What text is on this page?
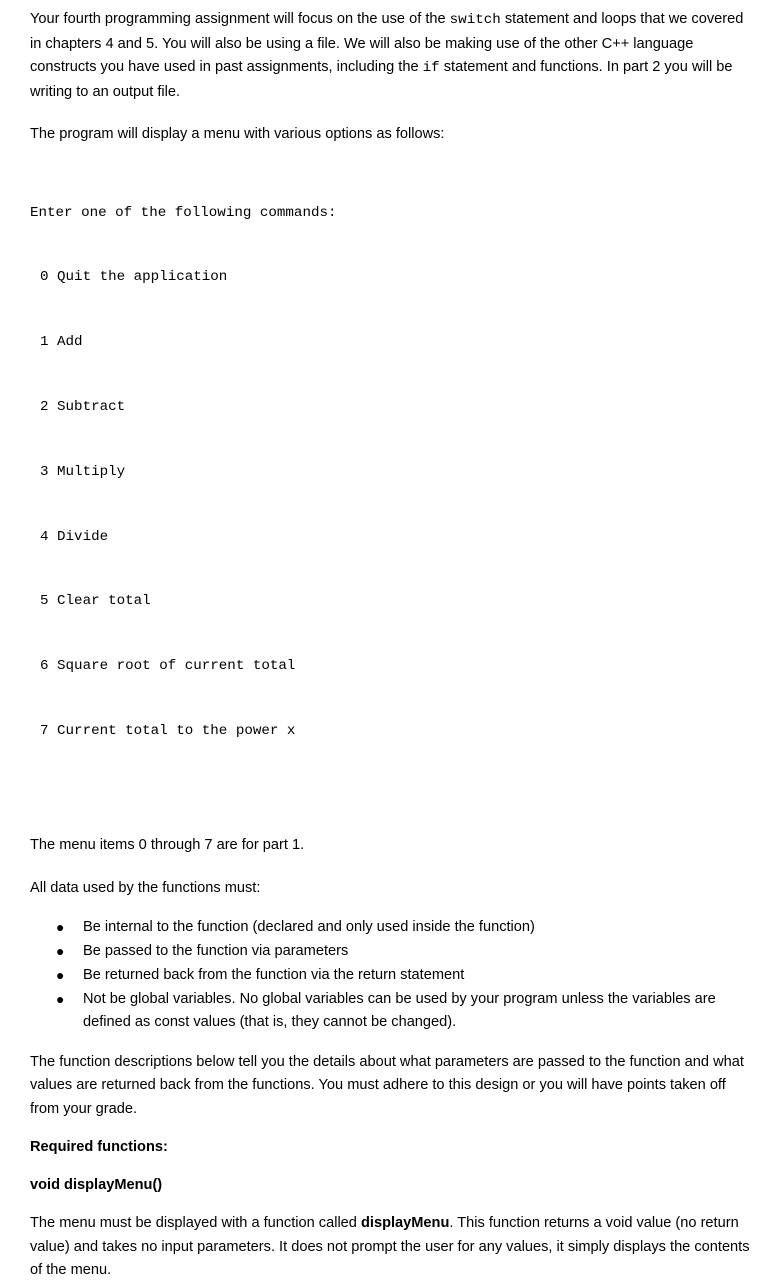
Your fourth programming assignment will focus on the use of the switch statement and loops that we covered in chapters 4 and 5. You will also be using a file. We will also be making use of the other C++ language constructs you have used in past assignments, including the if statement and functions. In part 2 you will be writing to an output file.

The program will display a menu with various options as follows:

Enter one of the following commands:

0 Quit the application

1 Add

2 Subtract

3 Multiply

4 Divide

5 Clear total

6 Square root of current total

7 Current total to the power x

The menu items 0 through 7 are for part 1.

All data used by the functions must:

● Be internal to the function (declared and only used inside the function)
● Be passed to the function via parameters
● Be returned back from the function via the return statement
● Not be global variables. No global variables can be used by your program unless the variables are defined as const values (that is, they cannot be changed).

The function descriptions below tell you the details about what parameters are passed to the function and what values are returned back from the functions. You must adhere to this design or you will have points taken off from your grade.

Required functions:
void displayMenu()

The menu must be displayed with a function called displayMenu. This function returns a void value (no return value) and takes no input parameters. It does not prompt the user for any values, it simply displays the contents of the menu.
